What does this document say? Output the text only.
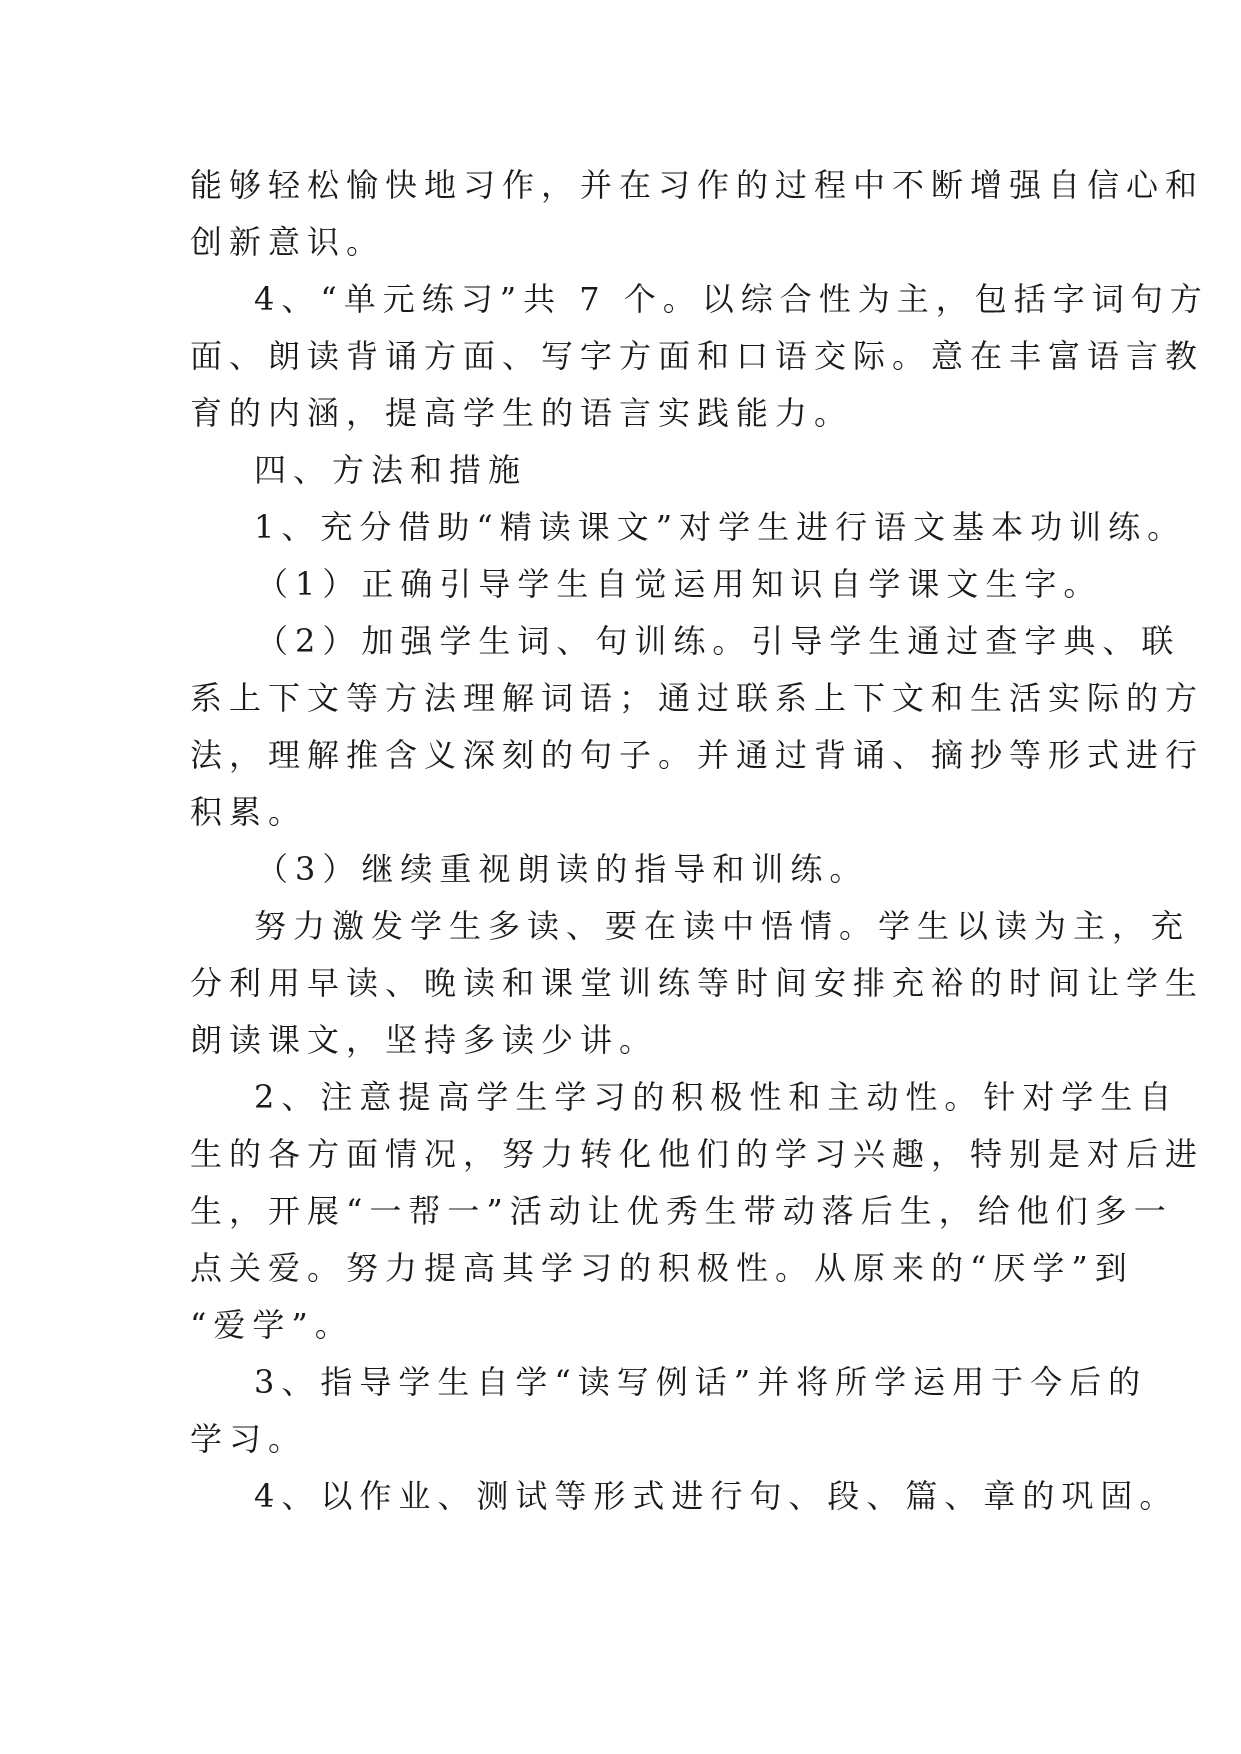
能够轻松愉快地习作，并在习作的过程中不断增强自信心和
创新意识。
4、“单元练习”共 7 个。以综合性为主，包括字词句方
面、朗读背诵方面、写字方面和口语交际。意在丰富语言教
育的内涵，提高学生的语言实践能力。
四、方法和措施
1、充分借助“精读课文”对学生进行语文基本功训练。
（1）正确引导学生自觉运用知识自学课文生字。
（2）加强学生词、句训练。引导学生通过查字典、联
系上下文等方法理解词语；通过联系上下文和生活实际的方
法，理解推含义深刻的句子。并通过背诵、摘抄等形式进行
积累。
（3）继续重视朗读的指导和训练。
努力激发学生多读、要在读中悟情。学生以读为主，充
分利用早读、晚读和课堂训练等时间安排充裕的时间让学生
朗读课文，坚持多读少讲。
2、注意提高学生学习的积极性和主动性。针对学生自
生的各方面情况，努力转化他们的学习兴趣，特别是对后进
生，开展“一帮一”活动让优秀生带动落后生，给他们多一
点关爱。努力提高其学习的积极性。从原来的“厌学”到
“爱学”。
3、指导学生自学“读写例话”并将所学运用于今后的
学习。
4、以作业、测试等形式进行句、段、篇、章的巩固。
